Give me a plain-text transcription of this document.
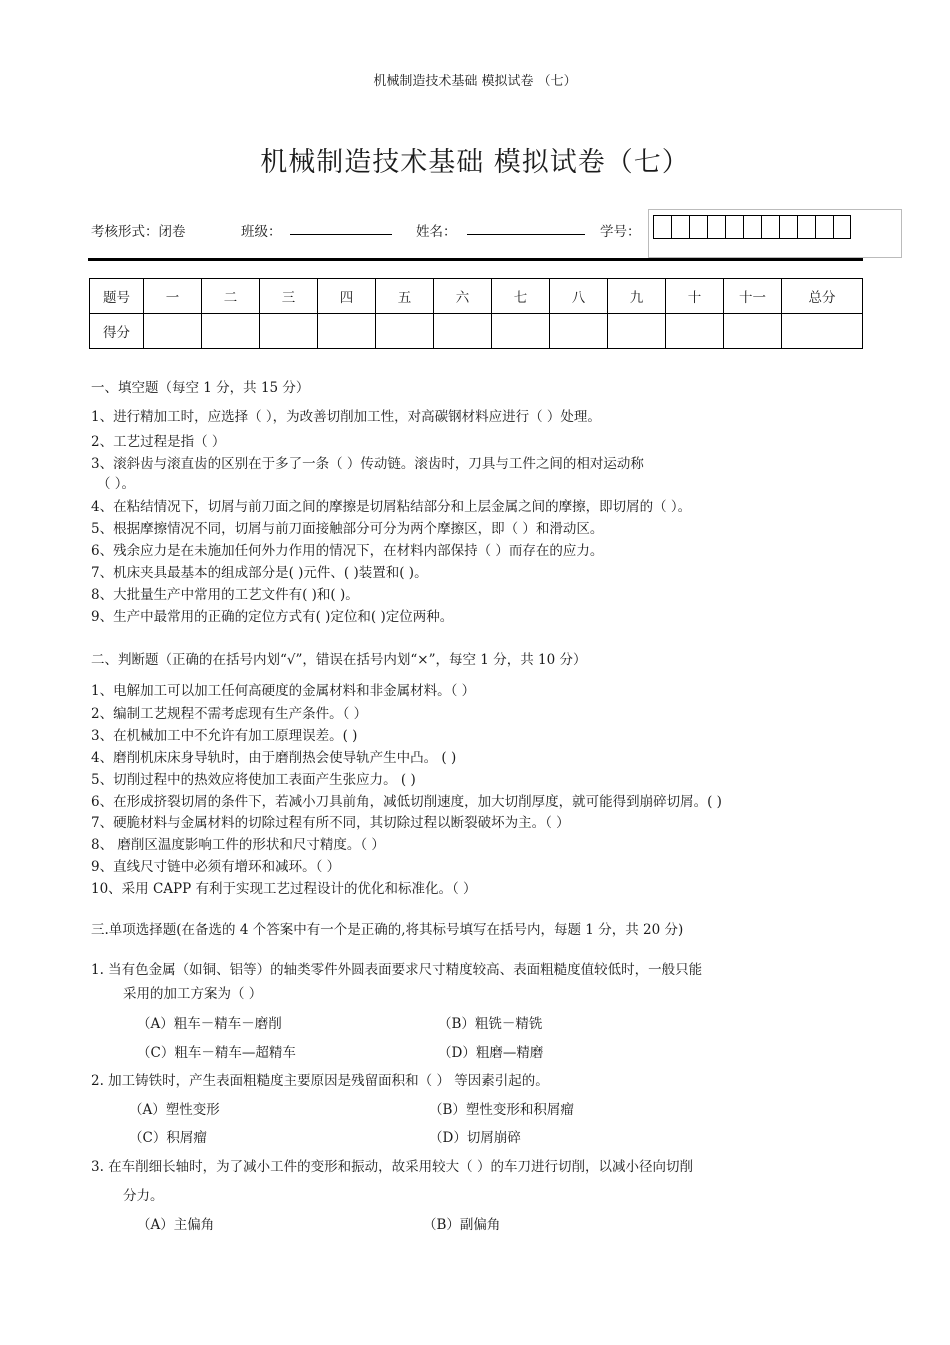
机械制造技术基础 模拟试卷 （七）
机械制造技术基础 模拟试卷（七）
考核形式：闭卷	班级：	姓名：	学号：
题号	一	二	三	四	五	六	七	八	九	十	十一	总分
得分												
一、填空题（每空 1 分，共 15 分）
1、进行精加工时，应选择（ ），为改善切削加工性，对高碳钢材料应进行（ ）处理。
2、工艺过程是指（ ）
3、滚斜齿与滚直齿的区别在于多了一条（ ）传动链。滚齿时，刀具与工件之间的相对运动称
（ ）。
4、在粘结情况下，切屑与前刀面之间的摩擦是切屑粘结部分和上层金属之间的摩擦，即切屑的（ ）。
5、根据摩擦情况不同，切屑与前刀面接触部分可分为两个摩擦区，即（ ）和滑动区。
6、残余应力是在未施加任何外力作用的情况下，在材料内部保持（ ）而存在的应力。
7、机床夹具最基本的组成部分是( )元件、( )装置和( )。
8、大批量生产中常用的工艺文件有( )和( )。
9、生产中最常用的正确的定位方式有( )定位和( )定位两种。
二、判断题（正确的在括号内划“√”，错误在括号内划“×”，每空 1 分，共 10 分）
1、电解加工可以加工任何高硬度的金属材料和非金属材料。（ ）
2、编制工艺规程不需考虑现有生产条件。（ ）
3、在机械加工中不允许有加工原理误差。( )
4、磨削机床床身导轨时，由于磨削热会使导轨产生中凸。 ( )
5、切削过程中的热效应将使加工表面产生张应力。 ( )
6、在形成挤裂切屑的条件下，若减小刀具前角，减低切削速度，加大切削厚度，就可能得到崩碎切屑。( )
7、硬脆材料与金属材料的切除过程有所不同，其切除过程以断裂破坏为主。（ ）
8、 磨削区温度影响工件的形状和尺寸精度。（ ）
9、直线尺寸链中必须有增环和减环。（ ）
10、采用 CAPP 有利于实现工艺过程设计的优化和标准化。（ ）
三.单项选择题(在备选的 4 个答案中有一个是正确的,将其标号填写在括号内，每题 1 分，共 20 分)
1. 当有色金属（如铜、铝等）的轴类零件外圆表面要求尺寸精度较高、表面粗糙度值较低时，一般只能
采用的加工方案为（ ）
（A）粗车－精车－磨削	（B）粗铣－精铣
（C）粗车－精车—超精车	（D）粗磨—精磨
2. 加工铸铁时，产生表面粗糙度主要原因是残留面积和（ ） 等因素引起的。
（A）塑性变形	（B）塑性变形和积屑瘤
（C）积屑瘤	（D）切屑崩碎
3. 在车削细长轴时，为了减小工件的变形和振动，故采用较大（ ）的车刀进行切削，以减小径向切削
分力。
（A）主偏角	（B）副偏角
